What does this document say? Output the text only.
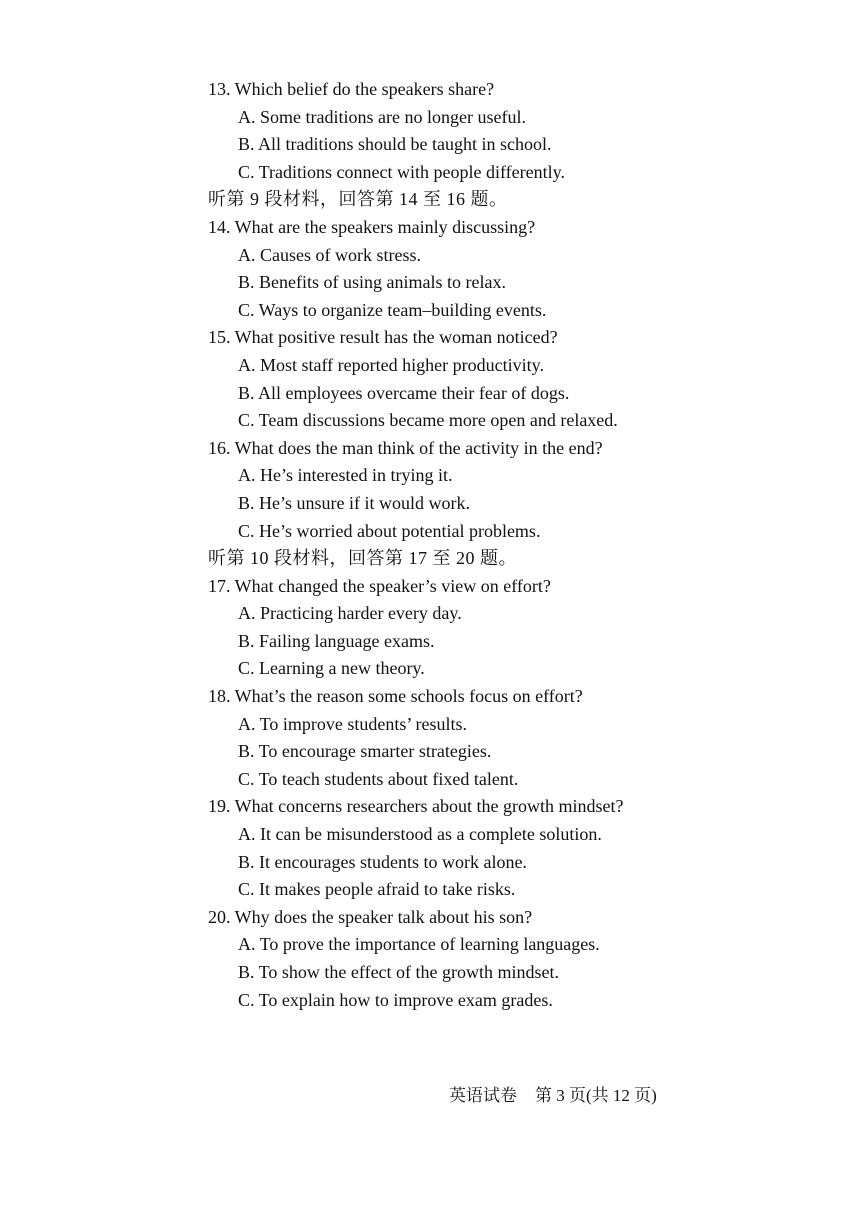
13. Which belief do the speakers share?
A. Some traditions are no longer useful.
B. All traditions should be taught in school.
C. Traditions connect with people differently.
听第 9 段材料，回答第 14 至 16 题。
14. What are the speakers mainly discussing?
A. Causes of work stress.
B. Benefits of using animals to relax.
C. Ways to organize team–building events.
15. What positive result has the woman noticed?
A. Most staff reported higher productivity.
B. All employees overcame their fear of dogs.
C. Team discussions became more open and relaxed.
16. What does the man think of the activity in the end?
A. He’s interested in trying it.
B. He’s unsure if it would work.
C. He’s worried about potential problems.
听第 10 段材料，回答第 17 至 20 题。
17. What changed the speaker’s view on effort?
A. Practicing harder every day.
B. Failing language exams.
C. Learning a new theory.
18. What’s the reason some schools focus on effort?
A. To improve students’ results.
B. To encourage smarter strategies.
C. To teach students about fixed talent.
19. What concerns researchers about the growth mindset?
A. It can be misunderstood as a complete solution.
B. It encourages students to work alone.
C. It makes people afraid to take risks.
20. Why does the speaker talk about his son?
A. To prove the importance of learning languages.
B. To show the effect of the growth mindset.
C. To explain how to improve exam grades.
英语试卷 第 3 页(共 12 页)
